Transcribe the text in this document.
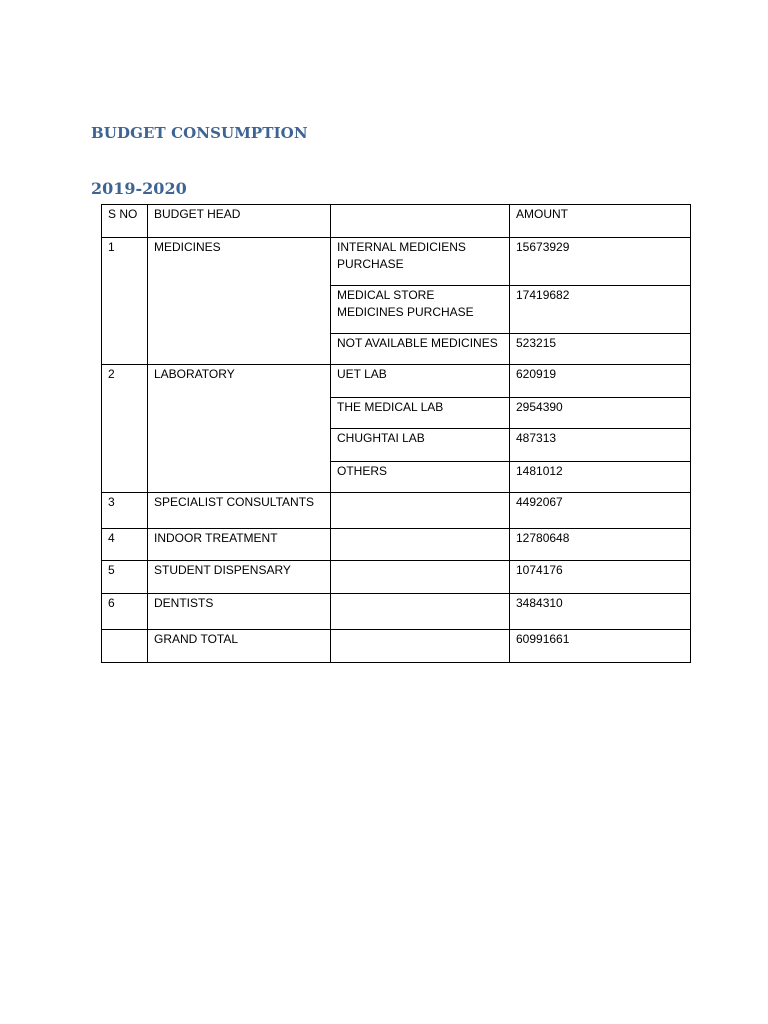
BUDGET CONSUMPTION
2019-2020
S NO	BUDGET HEAD		AMOUNT
1	MEDICINES	INTERNAL MEDICIENS PURCHASE	15673929
		MEDICAL STORE MEDICINES PURCHASE	17419682
		NOT AVAILABLE MEDICINES	523215
2	LABORATORY	UET LAB	620919
		THE MEDICAL LAB	2954390
		CHUGHTAI LAB	487313
		OTHERS	1481012
3	SPECIALIST CONSULTANTS		4492067
4	INDOOR TREATMENT		12780648
5	STUDENT DISPENSARY		1074176
6	DENTISTS		3484310
	GRAND TOTAL		60991661
